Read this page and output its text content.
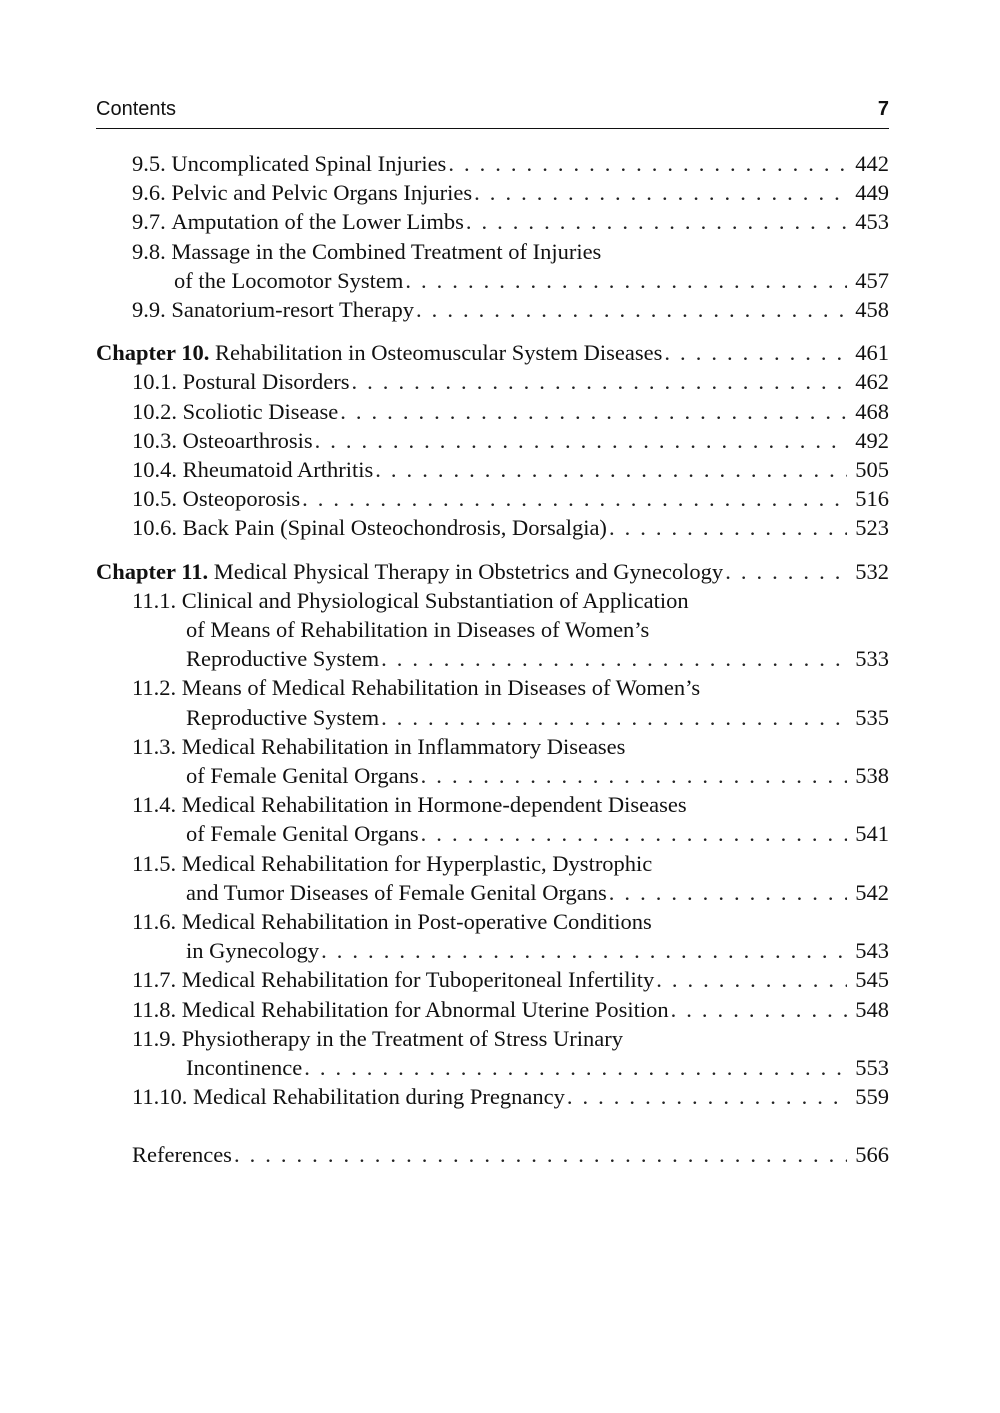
Contents	7
9.5. Uncomplicated Spinal Injuries . . .	442
9.6. Pelvic and Pelvic Organs Injuries . . .	449
9.7. Amputation of the Lower Limbs . . .	453
9.8. Massage in the Combined Treatment of Injuries
of the Locomotor System . . .	457
9.9. Sanatorium-resort Therapy . . .	458
Chapter 10.
Rehabilitation in Osteomuscular System Diseases . . .	461
10.1. Postural Disorders . . .	462
10.2. Scoliotic Disease . . .	468
10.3. Osteoarthrosis . . .	492
10.4. Rheumatoid Arthritis . . .	505
10.5. Osteoporosis . . .	516
10.6. Back Pain (Spinal Osteochondrosis, Dorsalgia) . . .	523
Chapter 11.
Medical Physical Therapy in Obstetrics and Gynecology . . .	532
11.1. Clinical and Physiological Substantiation of Application
of Means of Rehabilitation in Diseases of Women’s
Reproductive System . . .	533
11.2. Means of Medical Rehabilitation in Diseases of Women’s
Reproductive System . . .	535
11.3. Medical Rehabilitation in Inflammatory Diseases
of Female Genital Organs . . .	538
11.4. Medical Rehabilitation in Hormone-dependent Diseases
of Female Genital Organs . . .	541
11.5. Medical Rehabilitation for Hyperplastic, Dystrophic
and Tumor Diseases of Female Genital Organs . . .	542
11.6. Medical Rehabilitation in Post-operative Conditions
in Gynecology . . .	543
11.7. Medical Rehabilitation for Tuboperitoneal Infertility . . .	545
11.8. Medical Rehabilitation for Abnormal Uterine Position . . .	548
11.9. Physiotherapy in the Treatment of Stress Urinary
Incontinence . . .	553
11.10. Medical Rehabilitation during Pregnancy . . .	559
References . . .	566
